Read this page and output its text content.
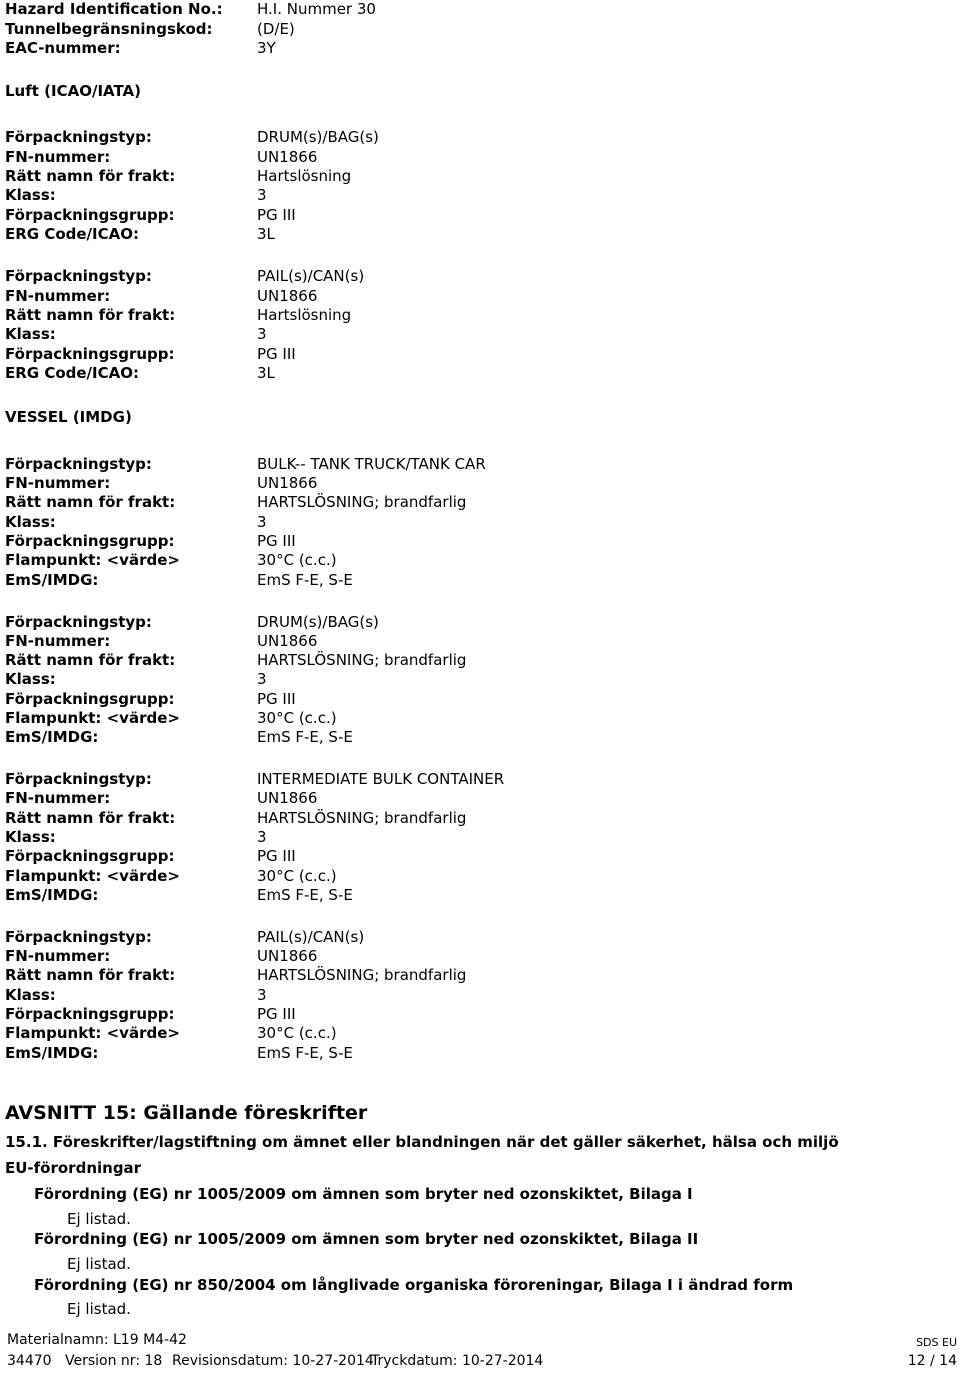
Hazard Identification No.: H.I. Nummer 30
Tunnelbegränsningskod:	(D/E)
EAC-nummer:	3Y
Luft (ICAO/IATA)
Förpackningstyp:	DRUM(s)/BAG(s)
FN-nummer:	UN1866
Rätt namn för frakt:	Hartslösning
Klass:	3
Förpackningsgrupp:	PG III
ERG Code/ICAO:	3L
Förpackningstyp:	PAIL(s)/CAN(s)
FN-nummer:	UN1866
Rätt namn för frakt:	Hartslösning
Klass:	3
Förpackningsgrupp:	PG III
ERG Code/ICAO:	3L
VESSEL (IMDG)
Förpackningstyp:	BULK-- TANK TRUCK/TANK CAR
FN-nummer:	UN1866
Rätt namn för frakt:	HARTSLÖSNING; brandfarlig
Klass:	3
Förpackningsgrupp:	PG III
Flampunkt: <värde>	30°C (c.c.)
EmS/IMDG:	EmS F-E, S-E
Förpackningstyp:	DRUM(s)/BAG(s)
FN-nummer:	UN1866
Rätt namn för frakt:	HARTSLÖSNING; brandfarlig
Klass:	3
Förpackningsgrupp:	PG III
Flampunkt: <värde>	30°C (c.c.)
EmS/IMDG:	EmS F-E, S-E
Förpackningstyp:	INTERMEDIATE BULK CONTAINER
FN-nummer:	UN1866
Rätt namn för frakt:	HARTSLÖSNING; brandfarlig
Klass:	3
Förpackningsgrupp:	PG III
Flampunkt: <värde>	30°C (c.c.)
EmS/IMDG:	EmS F-E, S-E
Förpackningstyp:	PAIL(s)/CAN(s)
FN-nummer:	UN1866
Rätt namn för frakt:	HARTSLÖSNING; brandfarlig
Klass:	3
Förpackningsgrupp:	PG III
Flampunkt: <värde>	30°C (c.c.)
EmS/IMDG:	EmS F-E, S-E
AVSNITT 15: Gällande föreskrifter
15.1. Föreskrifter/lagstiftning om ämnet eller blandningen när det gäller säkerhet, hälsa och miljö
EU-förordningar
Förordning (EG) nr 1005/2009 om ämnen som bryter ned ozonskiktet, Bilaga I
Ej listad.
Förordning (EG) nr 1005/2009 om ämnen som bryter ned ozonskiktet, Bilaga II
Ej listad.
Förordning (EG) nr 850/2004 om långlivade organiska föroreningar, Bilaga I i ändrad form
Ej listad.
Materialnamn: L19 M4-42
34470 Version nr: 18 Revisionsdatum: 10-27-2014
Tryckdatum: 10-27-2014
SDS EU
12 / 14
